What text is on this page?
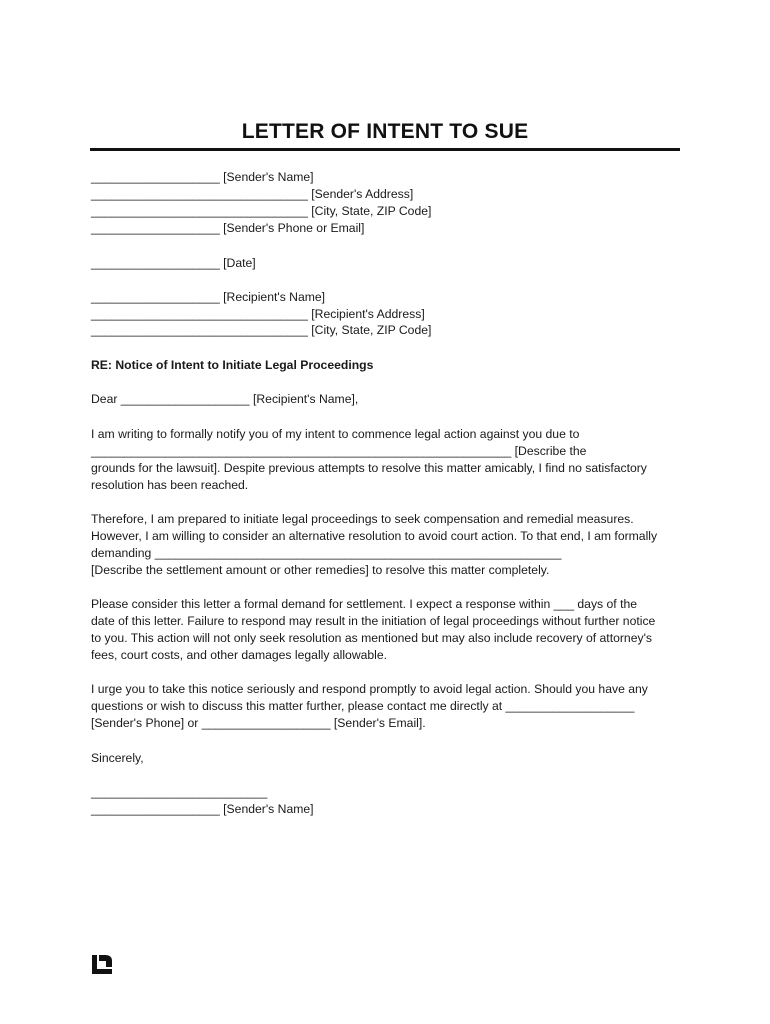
LETTER OF INTENT TO SUE
___________________ [Sender's Name]
________________________________ [Sender's Address]
________________________________ [City, State, ZIP Code]
___________________ [Sender's Phone or Email]
___________________ [Date]
___________________ [Recipient's Name]
________________________________ [Recipient's Address]
________________________________ [City, State, ZIP Code]
RE: Notice of Intent to Initiate Legal Proceedings
Dear ___________________ [Recipient's Name],
I am writing to formally notify you of my intent to commence legal action against you due to
______________________________________________________________ [Describe the
grounds for the lawsuit]. Despite previous attempts to resolve this matter amicably, I find no satisfactory
resolution has been reached.
Therefore, I am prepared to initiate legal proceedings to seek compensation and remedial measures.
However, I am willing to consider an alternative resolution to avoid court action. To that end, I am formally
demanding ____________________________________________________________
[Describe the settlement amount or other remedies] to resolve this matter completely.
Please consider this letter a formal demand for settlement. I expect a response within ___ days of the
date of this letter. Failure to respond may result in the initiation of legal proceedings without further notice
to you. This action will not only seek resolution as mentioned but may also include recovery of attorney's
fees, court costs, and other damages legally allowable.
I urge you to take this notice seriously and respond promptly to avoid legal action. Should you have any
questions or wish to discuss this matter further, please contact me directly at ___________________
[Sender's Phone] or ___________________ [Sender's Email].
Sincerely,
__________________________
___________________ [Sender's Name]
